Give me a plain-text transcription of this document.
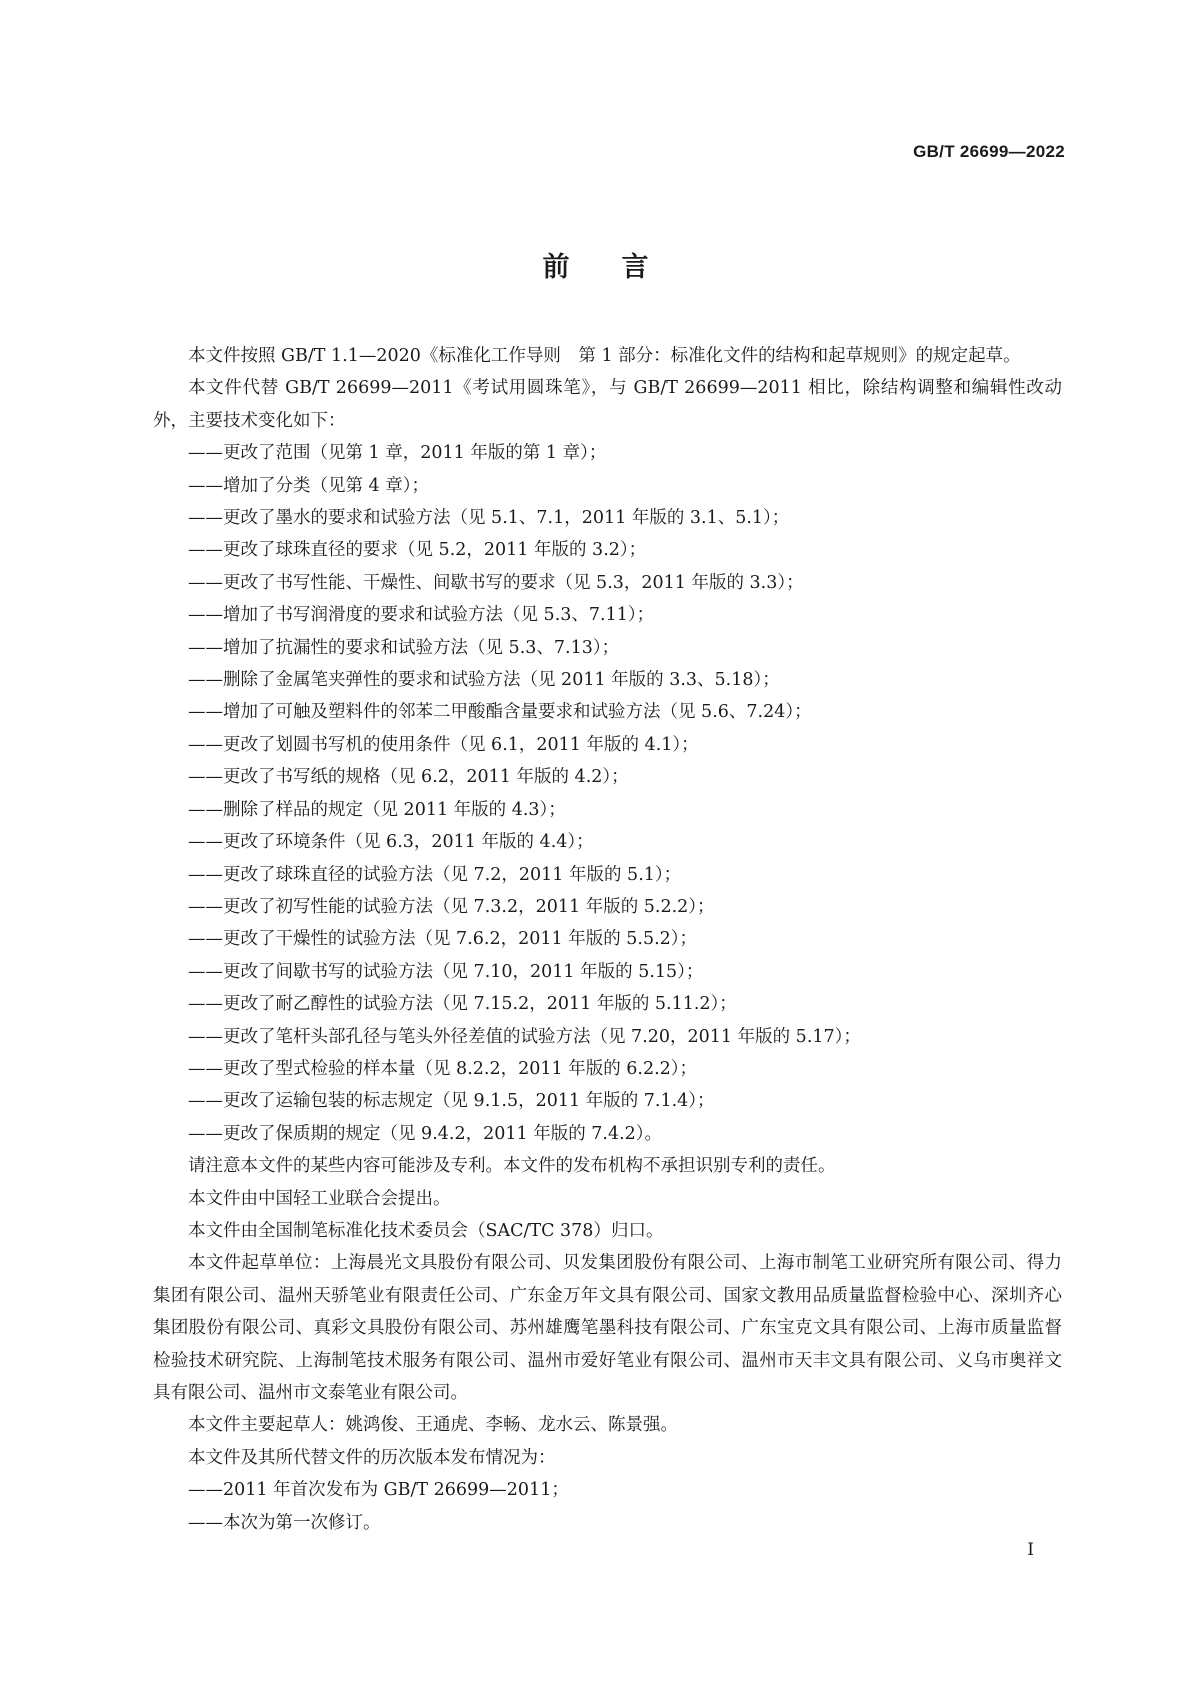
GB/T 26699—2022
前言

本文件按照 GB/T 1.1—2020《标准化工作导则　第 1 部分：标准化文件的结构和起草规则》的规定起草。

本文件代替 GB/T 26699—2011《考试用圆珠笔》，与 GB/T 26699—2011 相比，除结构调整和编辑性改动外，主要技术变化如下：

——更改了范围（见第 1 章，2011 年版的第 1 章）；
——增加了分类（见第 4 章）；
——更改了墨水的要求和试验方法（见 5.1、7.1，2011 年版的 3.1、5.1）；
——更改了球珠直径的要求（见 5.2，2011 年版的 3.2）；
——更改了书写性能、干燥性、间歇书写的要求（见 5.3，2011 年版的 3.3）；
——增加了书写润滑度的要求和试验方法（见 5.3、7.11）；
——增加了抗漏性的要求和试验方法（见 5.3、7.13）；
——删除了金属笔夹弹性的要求和试验方法（见 2011 年版的 3.3、5.18）；
——增加了可触及塑料件的邻苯二甲酸酯含量要求和试验方法（见 5.6、7.24）；
——更改了划圆书写机的使用条件（见 6.1，2011 年版的 4.1）；
——更改了书写纸的规格（见 6.2，2011 年版的 4.2）；
——删除了样品的规定（见 2011 年版的 4.3）；
——更改了环境条件（见 6.3，2011 年版的 4.4）；
——更改了球珠直径的试验方法（见 7.2，2011 年版的 5.1）；
——更改了初写性能的试验方法（见 7.3.2，2011 年版的 5.2.2）；
——更改了干燥性的试验方法（见 7.6.2，2011 年版的 5.5.2）；
——更改了间歇书写的试验方法（见 7.10，2011 年版的 5.15）；
——更改了耐乙醇性的试验方法（见 7.15.2，2011 年版的 5.11.2）；
——更改了笔杆头部孔径与笔头外径差值的试验方法（见 7.20，2011 年版的 5.17）；
——更改了型式检验的样本量（见 8.2.2，2011 年版的 6.2.2）；
——更改了运输包装的标志规定（见 9.1.5，2011 年版的 7.1.4）；
——更改了保质期的规定（见 9.4.2，2011 年版的 7.4.2）。

请注意本文件的某些内容可能涉及专利。本文件的发布机构不承担识别专利的责任。

本文件由中国轻工业联合会提出。

本文件由全国制笔标准化技术委员会（SAC/TC 378）归口。

本文件起草单位：上海晨光文具股份有限公司、贝发集团股份有限公司、上海市制笔工业研究所有限公司、得力集团有限公司、温州天骄笔业有限责任公司、广东金万年文具有限公司、国家文教用品质量监督检验中心、深圳齐心集团股份有限公司、真彩文具股份有限公司、苏州雄鹰笔墨科技有限公司、广东宝克文具有限公司、上海市质量监督检验技术研究院、上海制笔技术服务有限公司、温州市爱好笔业有限公司、温州市天丰文具有限公司、义乌市奥祥文具有限公司、温州市文泰笔业有限公司。

本文件主要起草人：姚鸿俊、王通虎、李畅、龙水云、陈景强。

本文件及其所代替文件的历次版本发布情况为：

——2011 年首次发布为 GB/T 26699—2011；
——本次为第一次修订。
I
